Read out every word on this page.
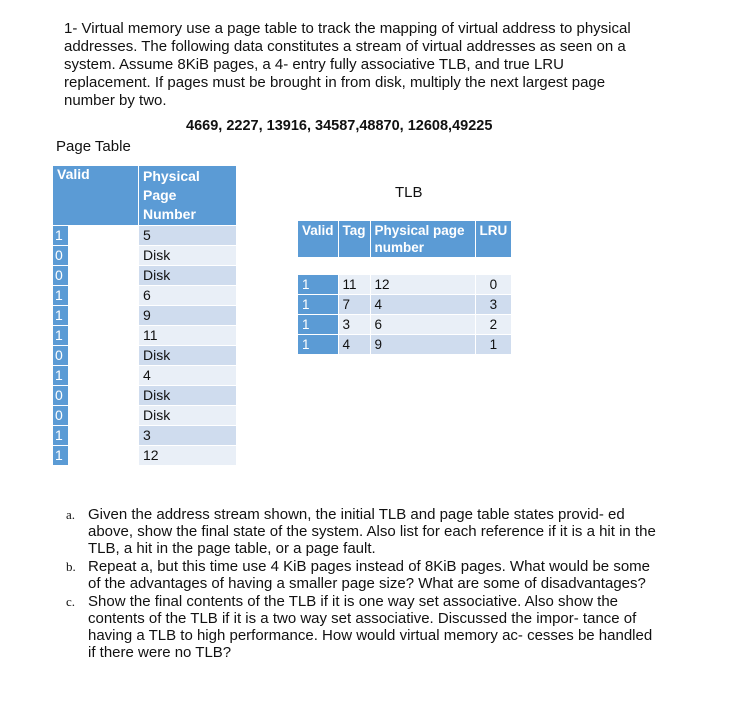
1- Virtual memory use a page table to track the mapping of virtual address to physical addresses. The following data constitutes a stream of virtual addresses as seen on a system. Assume 8KiB pages, a 4- entry fully associative TLB, and true LRU replacement. If pages must be brought in from disk, multiply the next largest page number by two.

4669, 2227, 13916, 34587,48870, 12608,49225
Page Table
Valid	Physical Page Number

1	5

0	Disk

0	Disk

1	6

1	9

1	11

0	Disk

1	4

0	Disk

0	Disk

1	3

1	12
TLB
Valid	Tag	Physical page number	LRU

1	11	12	0
1	7	4	3
1	3	6	2
1	4	9	1
a. Given the address stream shown, the initial TLB and page table states provid- ed above, show the final state of the system. Also list for each reference if it is a hit in the TLB, a hit in the page table, or a page fault.
b. Repeat a, but this time use 4 KiB pages instead of 8KiB pages. What would be some of the advantages of having a smaller page size? What are some of disadvantages?
c. Show the final contents of the TLB if it is one way set associative. Also show the contents of the TLB if it is a two way set associative. Discussed the impor- tance of having a TLB to high performance. How would virtual memory ac- cesses be handled if there were no TLB?
